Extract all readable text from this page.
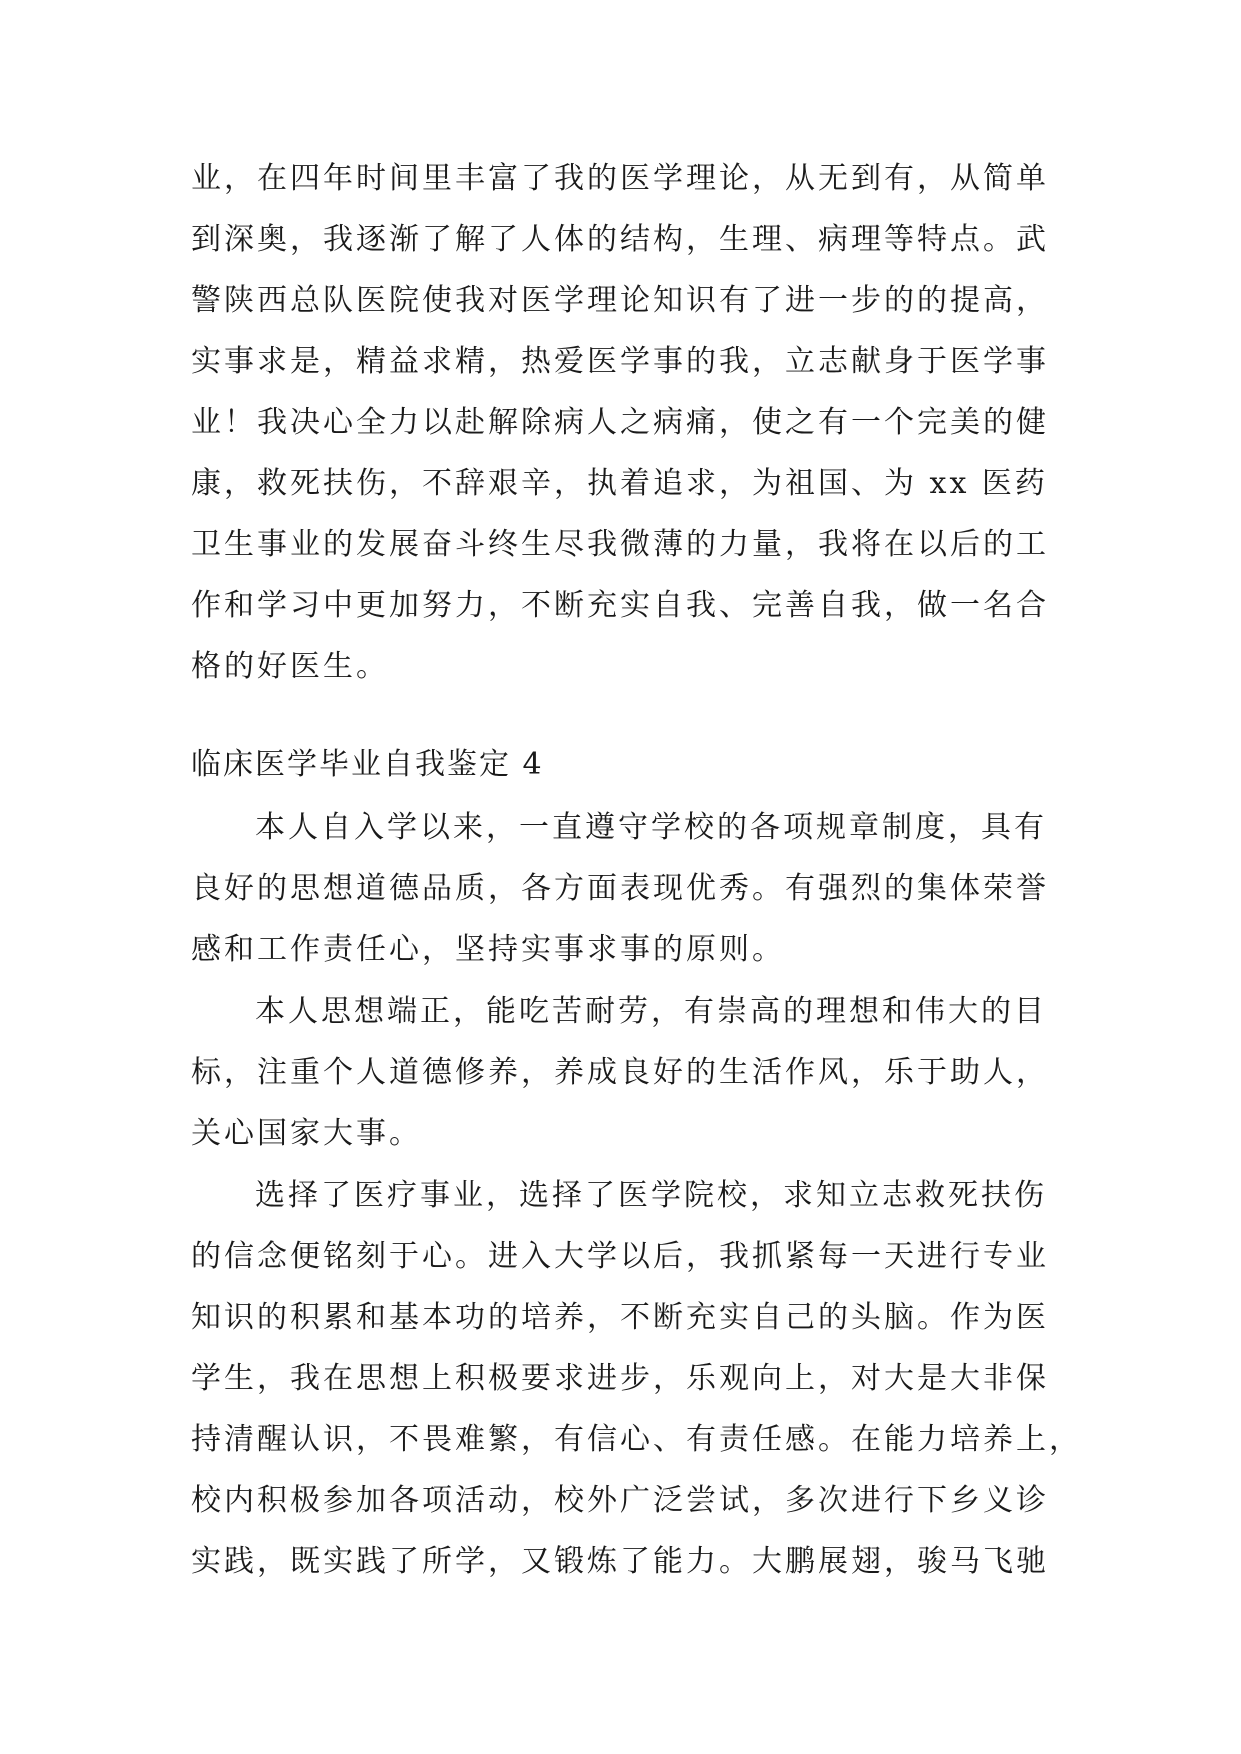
业，在四年时间里丰富了我的医学理论，从无到有，从简单
到深奥，我逐渐了解了人体的结构，生理、病理等特点。武
警陕西总队医院使我对医学理论知识有了进一步的的提高，
实事求是，精益求精，热爱医学事的我，立志献身于医学事
业！我决心全力以赴解除病人之病痛，使之有一个完美的健
康，救死扶伤，不辞艰辛，执着追求，为祖国、为 xx 医药
卫生事业的发展奋斗终生尽我微薄的力量，我将在以后的工
作和学习中更加努力，不断充实自我、完善自我，做一名合
格的好医生。
临床医学毕业自我鉴定 4
本人自入学以来，一直遵守学校的各项规章制度，具有
良好的思想道德品质，各方面表现优秀。有强烈的集体荣誉
感和工作责任心，坚持实事求事的原则。
本人思想端正，能吃苦耐劳，有崇高的理想和伟大的目
标，注重个人道德修养，养成良好的生活作风，乐于助人，
关心国家大事。
选择了医疗事业，选择了医学院校，求知立志救死扶伤
的信念便铭刻于心。进入大学以后，我抓紧每一天进行专业
知识的积累和基本功的培养，不断充实自己的头脑。作为医
学生，我在思想上积极要求进步，乐观向上，对大是大非保
持清醒认识，不畏难繁，有信心、有责任感。在能力培养上，
校内积极参加各项活动，校外广泛尝试，多次进行下乡义诊
实践，既实践了所学，又锻炼了能力。大鹏展翅，骏马飞驰
